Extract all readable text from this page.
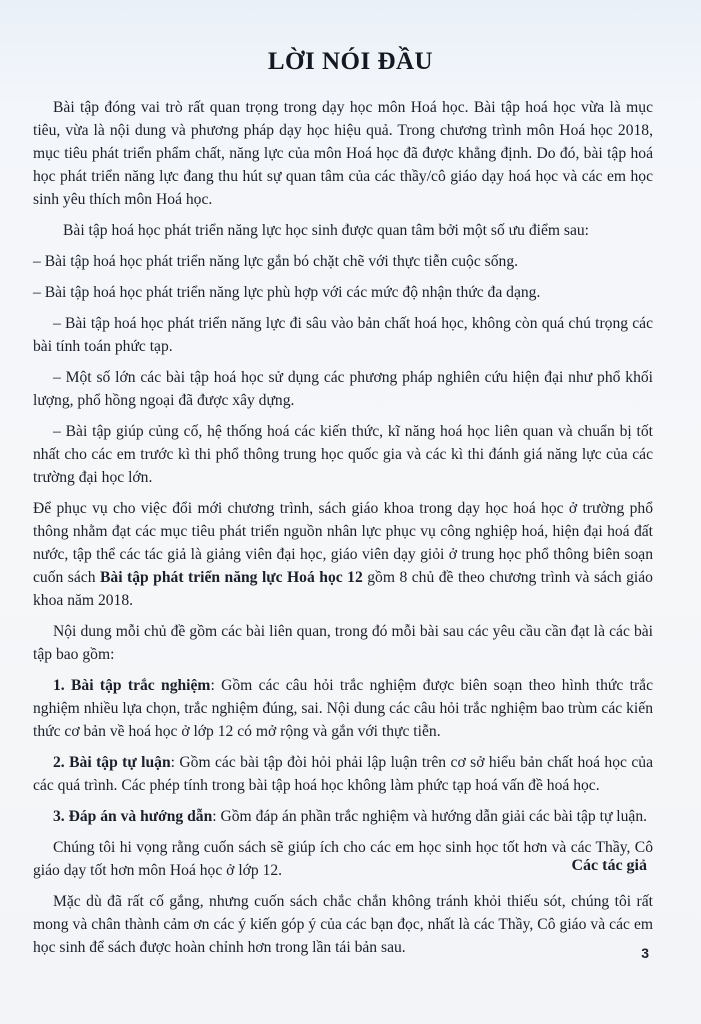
LỜI NÓI ĐẦU

Bài tập đóng vai trò rất quan trọng trong dạy học môn Hoá học. Bài tập hoá học vừa là mục tiêu, vừa là nội dung và phương pháp dạy học hiệu quả. Trong chương trình môn Hoá học 2018, mục tiêu phát triển phẩm chất, năng lực của môn Hoá học đã được khẳng định. Do đó, bài tập hoá học phát triển năng lực đang thu hút sự quan tâm của các thầy/cô giáo dạy hoá học và các em học sinh yêu thích môn Hoá học.

Bài tập hoá học phát triển năng lực học sinh được quan tâm bởi một số ưu điểm sau:

– Bài tập hoá học phát triển năng lực gắn bó chặt chẽ với thực tiễn cuộc sống.

– Bài tập hoá học phát triển năng lực phù hợp với các mức độ nhận thức đa dạng.

– Bài tập hoá học phát triển năng lực đi sâu vào bản chất hoá học, không còn quá chú trọng các bài tính toán phức tạp.

– Một số lớn các bài tập hoá học sử dụng các phương pháp nghiên cứu hiện đại như phổ khối lượng, phổ hồng ngoại đã được xây dựng.

– Bài tập giúp củng cố, hệ thống hoá các kiến thức, kĩ năng hoá học liên quan và chuẩn bị tốt nhất cho các em trước kì thi phổ thông trung học quốc gia và các kì thi đánh giá năng lực của các trường đại học lớn.

Để phục vụ cho việc đổi mới chương trình, sách giáo khoa trong dạy học hoá học ở trường phổ thông nhằm đạt các mục tiêu phát triển nguồn nhân lực phục vụ công nghiệp hoá, hiện đại hoá đất nước, tập thể các tác giả là giảng viên đại học, giáo viên dạy giỏi ở trung học phổ thông biên soạn cuốn sách Bài tập phát triển năng lực Hoá học 12 gồm 8 chủ đề theo chương trình và sách giáo khoa năm 2018.

Nội dung mỗi chủ đề gồm các bài liên quan, trong đó mỗi bài sau các yêu cầu cần đạt là các bài tập bao gồm:

1. Bài tập trắc nghiệm: Gồm các câu hỏi trắc nghiệm được biên soạn theo hình thức trắc nghiệm nhiều lựa chọn, trắc nghiệm đúng, sai. Nội dung các câu hỏi trắc nghiệm bao trùm các kiến thức cơ bản về hoá học ở lớp 12 có mở rộng và gắn với thực tiễn.

2. Bài tập tự luận: Gồm các bài tập đòi hỏi phải lập luận trên cơ sở hiểu bản chất hoá học của các quá trình. Các phép tính trong bài tập hoá học không làm phức tạp hoá vấn đề hoá học.

3. Đáp án và hướng dẫn: Gồm đáp án phần trắc nghiệm và hướng dẫn giải các bài tập tự luận.

Chúng tôi hi vọng rằng cuốn sách sẽ giúp ích cho các em học sinh học tốt hơn và các Thầy, Cô giáo dạy tốt hơn môn Hoá học ở lớp 12.

Mặc dù đã rất cố gắng, nhưng cuốn sách chắc chắn không tránh khỏi thiếu sót, chúng tôi rất mong và chân thành cảm ơn các ý kiến góp ý của các bạn đọc, nhất là các Thầy, Cô giáo và các em học sinh để sách được hoàn chỉnh hơn trong lần tái bản sau.

Các tác giả
3
